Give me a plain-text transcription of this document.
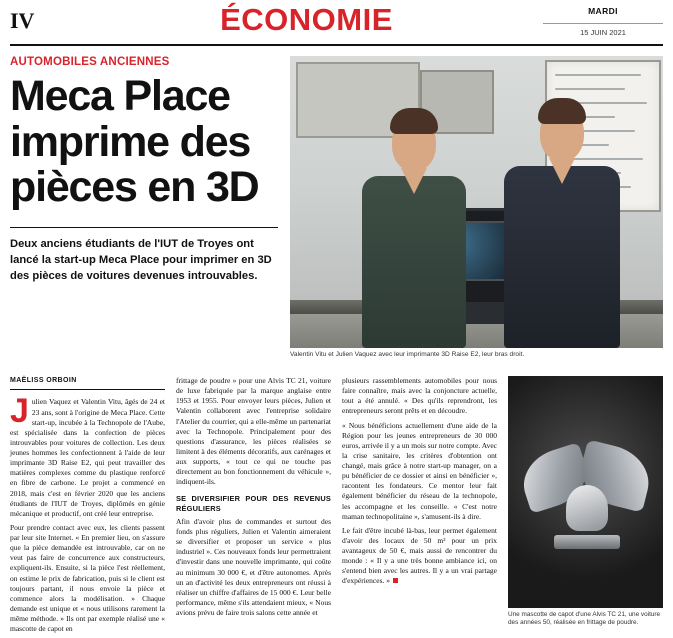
IV	ÉCONOMIE	MARDI
15 JUIN 2021
AUTOMOBILES ANCIENNES
Meca Place imprime des pièces en 3D
Deux anciens étudiants de l'IUT de Troyes ont lancé la start-up Meca Place pour imprimer en 3D des pièces de voitures devenues introuvables.
Valentin Vitu et Julien Vaquez avec leur imprimante 3D Raise E2, leur bras droit.
MAËLISS ORBOIN

Julien Vaquez et Valentin Vitu, âgés de 24 et 23 ans, sont à l'origine de Meca Place. Cette start-up, incubée à la Technopole de l'Aube, est spécialisée dans la confection de pièces introuvables pour voitures de collection. Les deux jeunes hommes les confectionnent à l'aide de leur imprimante 3D Raise E2, qui peut travailler des matières complexes comme du plastique renforcé en fibre de carbone. Le projet a commencé en 2018, mais c'est en février 2020 que les anciens étudiants de l'IUT de Troyes, diplômés en génie mécanique et productif, ont créé leur entreprise.

Pour prendre contact avec eux, les clients passent par leur site Internet. « En premier lieu, on s'assure que la pièce demandée est introuvable, car on ne veut pas faire de concurrence aux constructeurs, expliquent-ils. Ensuite, si la pièce l'est réellement, on estime le prix de fabrication, puis si le client est toujours partant, il nous envoie la pièce et commence alors la modélisation. » Chaque demande est unique et « nous utilisons rarement la même méthode. » Ils ont par exemple réalisé une « mascotte de capot en

frittage de poudre » pour une Alvis TC 21, voiture de luxe fabriquée par la marque anglaise entre 1953 et 1955. Pour envoyer leurs pièces, Julien et Valentin collaborent avec l'entreprise solidaire l'Atelier du courrier, qui a elle-même un partenariat avec la Technopole. Principalement pour des questions d'assurance, les pièces réalisées se limitent à des éléments décoratifs, aux carénages et aux supports, « tout ce qui ne touche pas directement au bon fonctionnement du véhicule », indiquent-ils.

SE DIVERSIFIER POUR DES REVENUS RÉGULIERS

Afin d'avoir plus de commandes et surtout des fonds plus réguliers, Julien et Valentin aimeraient se diversifier et proposer un service « plus industriel ». Ces nouveaux fonds leur permettraient d'investir dans une nouvelle imprimante, qui coûte au minimum 30 000 €, et d'être autonomes. Après un an d'activité les deux entrepreneurs ont réussi à réaliser un chiffre d'affaires de 15 000 €. Leur belle performance, même s'ils attendaient mieux, « Nous avions prévu de faire trois salons cette année et

plusieurs rassemblements automobiles pour nous faire connaître, mais avec la conjoncture actuelle, tout a été annulé. « Des qu'ils reprendront, les entrepreneurs seront prêts et en découdre.

« Nous bénéficions actuellement d'une aide de la Région pour les jeunes entrepreneurs de 30 000 euros, arrivée il y a un mois sur notre compte. Avec la crise sanitaire, les critères d'obtention ont changé, mais grâce à notre start-up manager, on a pu bénéficier de ce dossier et ainsi en bénéficier », racontent les fondateurs. Ce mentor leur fait également bénéficier du réseau de la technopole, les accompagne et les conseille. « C'est notre maman technopolitaine », s'amusent-ils à dire.

Le fait d'être incubé là-bas, leur permet également d'avoir des locaux de 50 m² pour un prix avantageux de 50 €, mais aussi de rencontrer du monde : « Il y a une très bonne ambiance ici, on s'entend bien avec les autres. Il y a un vrai partage d'expériences. »

Une mascotte de capot d'une Alvis TC 21, une voiture des années 50, réalisée en frittage de poudre.
